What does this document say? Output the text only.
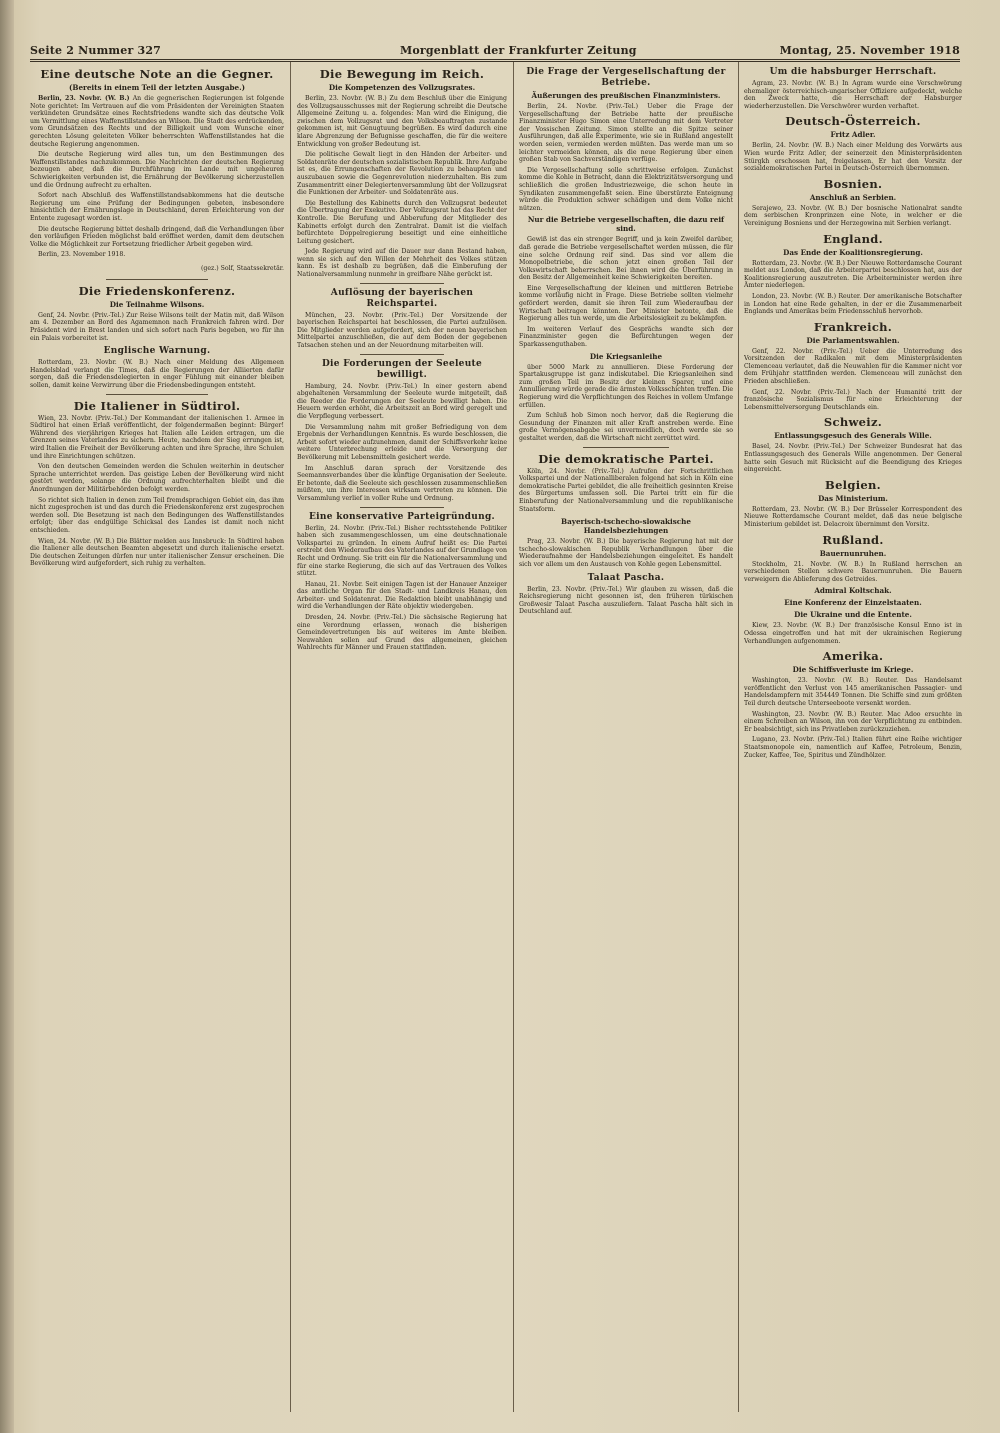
Seite 2 Nummer 327	Morgenblatt der Frankfurter Zeitung	Montag, 25. November 1918
Eine deutsche Note an die Gegner.
(Bereits in einem Teil der letzten Ausgabe.)

Berlin, 23. Novbr. (W. B.) An die gegnerischen Regierungen ist folgende Note gerichtet: Im Vertrauen auf die vom Präsidenten der Vereinigten Staaten verkündeten Grundsätze eines Rechtsfriedens wandte sich das deutsche Volk um Vermittlung eines Waffenstillstandes an Wilson. Die Stadt des erdrückenden, vom Grundsätzen des Rechts und der Billigkeit und vom Wunsche einer gerechten Lösung geleiteten Völker beherrschten Waffenstillstandes hat die deutsche Regierung angenommen.

Die deutsche Regierung wird alles tun, um den Bestimmungen des Waffenstillstandes nachzukommen. Die Nachrichten der deutschen Regierung bezeugen aber, daß die Durchführung im Lande mit ungeheuren Schwierigkeiten verbunden ist, die Ernährung der Bevölkerung sicherzustellen und die Ordnung aufrecht zu erhalten.

Sofort nach Abschluß des Waffenstillstandsabkommens hat die deutsche Regierung um eine Prüfung der Bedingungen gebeten, insbesondere hinsichtlich der Ernährungslage in Deutschland, deren Erleichterung von der Entente zugesagt worden ist.

Die deutsche Regierung bittet deshalb dringend, daß die Verhandlungen über den vorläufigen Frieden möglichst bald eröffnet werden, damit dem deutschen Volke die Möglichkeit zur Fortsetzung friedlicher Arbeit gegeben wird.

Berlin, 23. November 1918.

(gez.) Solf, Staatssekretär.

Die Friedenskonferenz.
Die Teilnahme Wilsons.

Genf, 24. Novbr. (Priv.-Tel.) Zur Reise Wilsons teilt der Matin mit, daß Wilson am 4. Dezember an Bord des Agamemnon nach Frankreich fahren wird. Der Präsident wird in Brest landen und sich sofort nach Paris begeben, wo für ihn ein Palais vorbereitet ist.

Englische Warnung.

Rotterdam, 23. Novbr. (W. B.) Nach einer Meldung des Allgemeen Handelsblad verlangt die Times, daß die Regierungen der Alliierten dafür sorgen, daß die Friedensdelegierten in enger Fühlung mit einander bleiben sollen, damit keine Verwirrung über die Friedensbedingungen entsteht.

Die Italiener in Südtirol.

Wien, 23. Novbr. (Priv.-Tel.) Der Kommandant der italienischen 1. Armee in Südtirol hat einen Erlaß veröffentlicht, der folgendermaßen beginnt: Bürger! Während des vierjährigen Krieges hat Italien alle Leiden ertragen, um die Grenzen seines Vaterlandes zu sichern. Heute, nachdem der Sieg errungen ist, wird Italien die Freiheit der Bevölkerung achten und ihre Sprache, ihre Schulen und ihre Einrichtungen schützen.

Von den deutschen Gemeinden werden die Schulen weiterhin in deutscher Sprache unterrichtet werden. Das geistige Leben der Bevölkerung wird nicht gestört werden, solange die Ordnung aufrechterhalten bleibt und die Anordnungen der Militärbehörden befolgt werden.

So richtet sich Italien in denen zum Teil fremdsprachigen Gebiet ein, das ihm nicht zugesprochen ist und das durch die Friedenskonferenz erst zugesprochen werden soll. Die Besetzung ist nach den Bedingungen des Waffenstillstandes erfolgt; über das endgültige Schicksal des Landes ist damit noch nicht entschieden.

Wien, 24. Novbr. (W. B.) Die Blätter melden aus Innsbruck: In Südtirol haben die Italiener alle deutschen Beamten abgesetzt und durch italienische ersetzt. Die deutschen Zeitungen dürfen nur unter italienischer Zensur erscheinen. Die Bevölkerung wird aufgefordert, sich ruhig zu verhalten.

Die Bewegung im Reich.
Die Kompetenzen des Vollzugsrates.

Berlin, 23. Novbr. (W. B.) Zu dem Beschluß über die Einigung des Vollzugsausschusses mit der Regierung schreibt die Deutsche Allgemeine Zeitung u. a. folgendes: Man wird die Einigung, die zwischen dem Vollzugsrat und den Volksbeauftragten zustande gekommen ist, mit Genugtuung begrüßen. Es wird dadurch eine klare Abgrenzung der Befugnisse geschaffen, die für die weitere Entwicklung von großer Bedeutung ist.

Die politische Gewalt liegt in den Händen der Arbeiter- und Soldatenräte der deutschen sozialistischen Republik. Ihre Aufgabe ist es, die Errungenschaften der Revolution zu behaupten und auszubauen sowie die Gegenrevolution niederzuhalten. Bis zum Zusammentritt einer Delegiertenversammlung übt der Vollzugsrat die Funktionen der Arbeiter- und Soldatenräte aus.

Die Bestellung des Kabinetts durch den Vollzugsrat bedeutet die Übertragung der Exekutive. Der Vollzugsrat hat das Recht der Kontrolle. Die Berufung und Abberufung der Mitglieder des Kabinetts erfolgt durch den Zentralrat. Damit ist die vielfach befürchtete Doppelregierung beseitigt und eine einheitliche Leitung gesichert.

Jede Regierung wird auf die Dauer nur dann Bestand haben, wenn sie sich auf den Willen der Mehrheit des Volkes stützen kann. Es ist deshalb zu begrüßen, daß die Einberufung der Nationalversammlung nunmehr in greifbare Nähe gerückt ist.

Auflösung der bayerischen Reichspartei.

München, 23. Novbr. (Priv.-Tel.) Der Vorsitzende der bayerischen Reichspartei hat beschlossen, die Partei aufzulösen. Die Mitglieder werden aufgefordert, sich der neuen bayerischen Mittelpartei anzuschließen, die auf dem Boden der gegebenen Tatsachen stehen und an der Neuordnung mitarbeiten will.

Die Forderungen der Seeleute bewilligt.

Hamburg, 24. Novbr. (Priv.-Tel.) In einer gestern abend abgehaltenen Versammlung der Seeleute wurde mitgeteilt, daß die Reeder die Forderungen der Seeleute bewilligt haben. Die Heuern werden erhöht, die Arbeitszeit an Bord wird geregelt und die Verpflegung verbessert.

Die Versammlung nahm mit großer Befriedigung von dem Ergebnis der Verhandlungen Kenntnis. Es wurde beschlossen, die Arbeit sofort wieder aufzunehmen, damit der Schiffsverkehr keine weitere Unterbrechung erleide und die Versorgung der Bevölkerung mit Lebensmitteln gesichert werde.

Im Anschluß daran sprach der Vorsitzende des Seemannsverbandes über die künftige Organisation der Seeleute. Er betonte, daß die Seeleute sich geschlossen zusammenschließen müßten, um ihre Interessen wirksam vertreten zu können. Die Versammlung verlief in voller Ruhe und Ordnung.

Eine konservative Parteigründung.

Berlin, 24. Novbr. (Priv.-Tel.) Bisher rechtsstehende Politiker haben sich zusammengeschlossen, um eine deutschnationale Volkspartei zu gründen. In einem Aufruf heißt es: Die Partei erstrebt den Wiederaufbau des Vaterlandes auf der Grundlage von Recht und Ordnung. Sie tritt ein für die Nationalversammlung und für eine starke Regierung, die sich auf das Vertrauen des Volkes stützt.

Hanau, 21. Novbr. Seit einigen Tagen ist der Hanauer Anzeiger das amtliche Organ für den Stadt- und Landkreis Hanau, den Arbeiter- und Soldatenrat. Die Redaktion bleibt unabhängig und wird die Verhandlungen der Räte objektiv wiedergeben.

Dresden, 24. Novbr. (Priv.-Tel.) Die sächsische Regierung hat eine Verordnung erlassen, wonach die bisherigen Gemeindevertretungen bis auf weiteres im Amte bleiben. Neuwahlen sollen auf Grund des allgemeinen, gleichen Wahlrechts für Männer und Frauen stattfinden.

Die Frage der Vergesellschaftung der Betriebe.
Äußerungen des preußischen Finanzministers.

Berlin, 24. Novbr. (Priv.-Tel.) Ueber die Frage der Vergesellschaftung der Betriebe hatte der preußische Finanzminister Hugo Simon eine Unterredung mit dem Vertreter der Vossischen Zeitung. Simon stellte an die Spitze seiner Ausführungen, daß alle Experimente, wie sie in Rußland angestellt worden seien, vermieden werden müßten. Das werde man um so leichter vermeiden können, als die neue Regierung über einen großen Stab von Sachverständigen verfüge.

Die Vergesellschaftung solle schrittweise erfolgen. Zunächst komme die Kohle in Betracht, dann die Elektrizitätsversorgung und schließlich die großen Industriezweige, die schon heute in Syndikaten zusammengefaßt seien. Eine überstürzte Enteignung würde die Produktion schwer schädigen und dem Volke nicht nützen.

Nur die Betriebe vergesellschaften, die dazu reif sind.

Gewiß ist das ein strenger Begriff, und ja kein Zweifel darüber, daß gerade die Betriebe vergesellschaftet werden müssen, die für eine solche Ordnung reif sind. Das sind vor allem die Monopolbetriebe, die schon jetzt einen großen Teil der Volkswirtschaft beherrschen. Bei ihnen wird die Überführung in den Besitz der Allgemeinheit keine Schwierigkeiten bereiten.

Eine Vergesellschaftung der kleinen und mittleren Betriebe komme vorläufig nicht in Frage. Diese Betriebe sollten vielmehr gefördert werden, damit sie ihren Teil zum Wiederaufbau der Wirtschaft beitragen könnten. Der Minister betonte, daß die Regierung alles tun werde, um die Arbeitslosigkeit zu bekämpfen.

Im weiteren Verlauf des Gesprächs wandte sich der Finanzminister gegen die Befürchtungen wegen der Sparkassenguthaben.

Die Kriegsanleihe

über 5000 Mark zu annullieren. Diese Forderung der Spartakusgruppe ist ganz indiskutabel. Die Kriegsanleihen sind zum großen Teil im Besitz der kleinen Sparer, und eine Annullierung würde gerade die ärmsten Volksschichten treffen. Die Regierung wird die Verpflichtungen des Reiches in vollem Umfange erfüllen.

Zum Schluß hob Simon noch hervor, daß die Regierung die Gesundung der Finanzen mit aller Kraft anstreben werde. Eine große Vermögensabgabe sei unvermeidlich, doch werde sie so gestaltet werden, daß die Wirtschaft nicht zerrüttet wird.

Die demokratische Partei.

Köln, 24. Novbr. (Priv.-Tel.) Aufrufen der Fortschrittlichen Volkspartei und der Nationalliberalen folgend hat sich in Köln eine demokratische Partei gebildet, die alle freiheitlich gesinnten Kreise des Bürgertums umfassen soll. Die Partei tritt ein für die Einberufung der Nationalversammlung und die republikanische Staatsform.

Bayerisch-tschecho-slowakische Handelsbeziehungen

Prag, 23. Novbr. (W. B.) Die bayerische Regierung hat mit der tschecho-slowakischen Republik Verhandlungen über die Wiederaufnahme der Handelsbeziehungen eingeleitet. Es handelt sich vor allem um den Austausch von Kohle gegen Lebensmittel.

Talaat Pascha.

Berlin, 23. Novbr. (Priv.-Tel.) Wir glauben zu wissen, daß die Reichsregierung nicht gesonnen ist, den früheren türkischen Großwesir Talaat Pascha auszuliefern. Talaat Pascha hält sich in Deutschland auf.

Um die habsburger Herrschaft.

Agram, 23. Novbr. (W. B.) In Agram wurde eine Verschwörung ehemaliger österreichisch-ungarischer Offiziere aufgedeckt, welche den Zweck hatte, die Herrschaft der Habsburger wiederherzustellen. Die Verschwörer wurden verhaftet.

Deutsch-Österreich.
Fritz Adler.

Berlin, 24. Novbr. (W. B.) Nach einer Meldung des Vorwärts aus Wien wurde Fritz Adler, der seinerzeit den Ministerpräsidenten Stürgkh erschossen hat, freigelassen. Er hat den Vorsitz der sozialdemokratischen Partei in Deutsch-Österreich übernommen.

Bosnien.
Anschluß an Serbien.

Serajewo, 23. Novbr. (W. B.) Der bosnische Nationalrat sandte dem serbischen Kronprinzen eine Note, in welcher er die Vereinigung Bosniens und der Herzegowina mit Serbien verlangt.

England.
Das Ende der Koalitionsregierung.

Rotterdam, 23. Novbr. (W. B.) Der Nieuwe Rotterdamsche Courant meldet aus London, daß die Arbeiterpartei beschlossen hat, aus der Koalitionsregierung auszutreten. Die Arbeiterminister werden ihre Ämter niederlegen.

London, 23. Novbr. (W. B.) Reuter. Der amerikanische Botschafter in London hat eine Rede gehalten, in der er die Zusammenarbeit Englands und Amerikas beim Friedensschluß hervorhob.

Frankreich.
Die Parlamentswahlen.

Genf, 22. Novbr. (Priv.-Tel.) Ueber die Unterredung des Vorsitzenden der Radikalen mit dem Ministerpräsidenten Clemenceau verlautet, daß die Neuwahlen für die Kammer nicht vor dem Frühjahr stattfinden werden. Clemenceau will zunächst den Frieden abschließen.

Genf, 22. Novbr. (Priv.-Tel.) Nach der Humanité tritt der französische Sozialismus für eine Erleichterung der Lebensmittelversorgung Deutschlands ein.

Schweiz.
Entlassungsgesuch des Generals Wille.

Basel, 24. Novbr. (Priv.-Tel.) Der Schweizer Bundesrat hat das Entlassungsgesuch des Generals Wille angenommen. Der General hatte sein Gesuch mit Rücksicht auf die Beendigung des Krieges eingereicht.

Belgien.
Das Ministerium.

Rotterdam, 23. Novbr. (W. B.) Der Brüsseler Korrespondent des Nieuwe Rotterdamsche Courant meldet, daß das neue belgische Ministerium gebildet ist. Delacroix übernimmt den Vorsitz.

Rußland.
Bauernunruhen.

Stockholm, 21. Novbr. (W. B.) In Rußland herrschen an verschiedenen Stellen schwere Bauernunruhen. Die Bauern verweigern die Ablieferung des Getreides.

Admiral Koltschak.
Eine Konferenz der Einzelstaaten.
Die Ukraine und die Entente.

Kiew, 23. Novbr. (W. B.) Der französische Konsul Enno ist in Odessa eingetroffen und hat mit der ukrainischen Regierung Verhandlungen aufgenommen.

Amerika.
Die Schiffsverluste im Kriege.

Washington, 23. Novbr. (W. B.) Reuter. Das Handelsamt veröffentlicht den Verlust von 145 amerikanischen Passagier- und Handelsdampfern mit 354449 Tonnen. Die Schiffe sind zum größten Teil durch deutsche Unterseeboote versenkt worden.

Washington, 23. Novbr. (W. B.) Reuter. Mac Adoo ersuchte in einem Schreiben an Wilson, ihn von der Verpflichtung zu entbinden. Er beabsichtigt, sich ins Privatleben zurückzuziehen.

Lugano, 23. Novbr. (Priv.-Tel.) Italien führt eine Reihe wichtiger Staatsmonopole ein, namentlich auf Kaffee, Petroleum, Benzin, Zucker, Kaffee, Tee, Spiritus und Zündhölzer.
